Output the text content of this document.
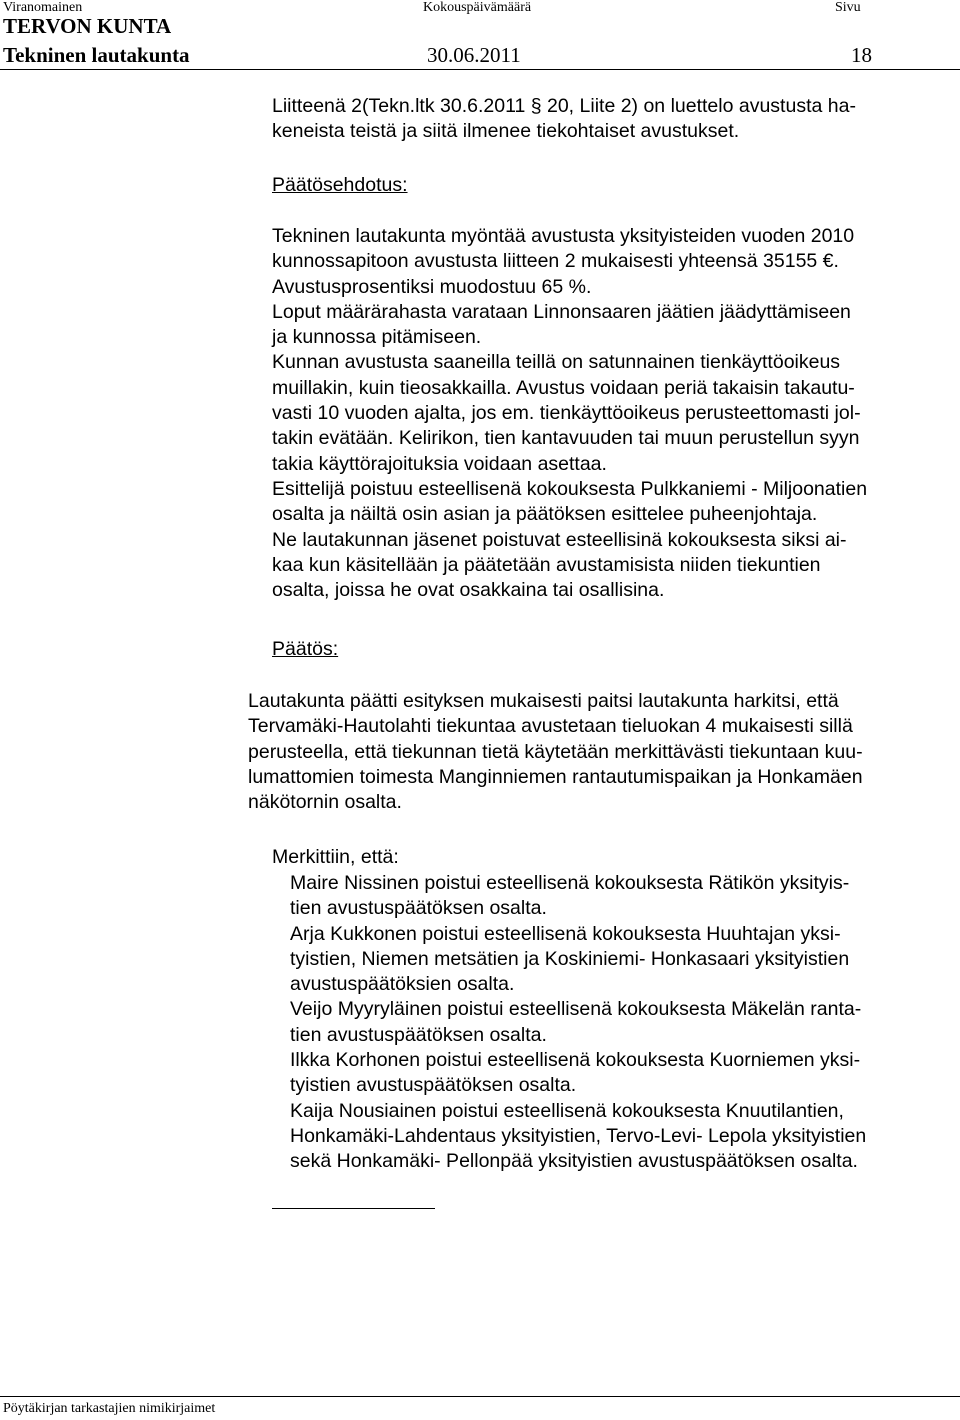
Viranomainen	Kokouspäivämäärä	Sivu
TERVON KUNTA
Tekninen lautakunta	30.06.2011	18
Liitteenä 2(Tekn.ltk 30.6.2011 § 20, Liite 2) on luettelo avustusta ha-
keneista teistä ja siitä ilmenee tiekohtaiset avustukset.
Päätösehdotus:
Tekninen lautakunta myöntää avustusta yksityisteiden vuoden 2010
kunnossapitoon avustusta liitteen 2 mukaisesti yhteensä 35155 €.
Avustusprosentiksi muodostuu 65 %.
Loput määrärahasta varataan Linnonsaaren jäätien jäädyttämiseen
ja kunnossa pitämiseen.
Kunnan avustusta saaneilla teillä on satunnainen tienkäyttöoikeus
muillakin, kuin tieosakkailla. Avustus voidaan periä takaisin takautu-
vasti 10 vuoden ajalta, jos em. tienkäyttöoikeus perusteettomasti jol-
takin evätään. Kelirikon, tien kantavuuden tai muun perustellun syyn
takia käyttörajoituksia voidaan asettaa.
Esittelijä poistuu esteellisenä kokouksesta Pulkkaniemi - Miljoonatien
osalta ja näiltä osin asian ja päätöksen esittelee puheenjohtaja.
Ne lautakunnan jäsenet poistuvat esteellisinä kokouksesta siksi ai-
kaa kun käsitellään ja päätetään avustamisista niiden tiekuntien
osalta, joissa he ovat osakkaina tai osallisina.
Päätös:
Lautakunta päätti esityksen mukaisesti paitsi lautakunta harkitsi, että
Tervamäki-Hautolahti tiekuntaa avustetaan tieluokan 4 mukaisesti sillä
perusteella, että tiekunnan tietä käytetään merkittävästi tiekuntaan kuu-
lumattomien toimesta Manginniemen rantautumispaikan ja Honkamäen
näkötornin osalta.
Merkittiin, että:
Maire Nissinen poistui esteellisenä kokouksesta Rätikön yksityis-
tien avustuspäätöksen osalta.
Arja Kukkonen poistui esteellisenä kokouksesta Huuhtajan yksi-
tyistien, Niemen metsätien ja Koskiniemi- Honkasaari yksityistien
avustuspäätöksien osalta.
Veijo Myyryläinen poistui esteellisenä kokouksesta Mäkelän rantа-
tien avustuspäätöksen osalta.
Ilkka Korhonen poistui esteellisenä kokouksesta Kuorniemen yksi-
tyistien avustuspäätöksen osalta.
Kaija Nousiainen poistui esteellisenä kokouksesta Knuutilantien,
Honkamäki-Lahdentaus yksityistien, Tervo-Levi- Lepola yksityistien
sekä Honkamäki- Pellonpää yksityistien avustuspäätöksen osalta.
Pöytäkirjan tarkastajien nimikirjaimet
